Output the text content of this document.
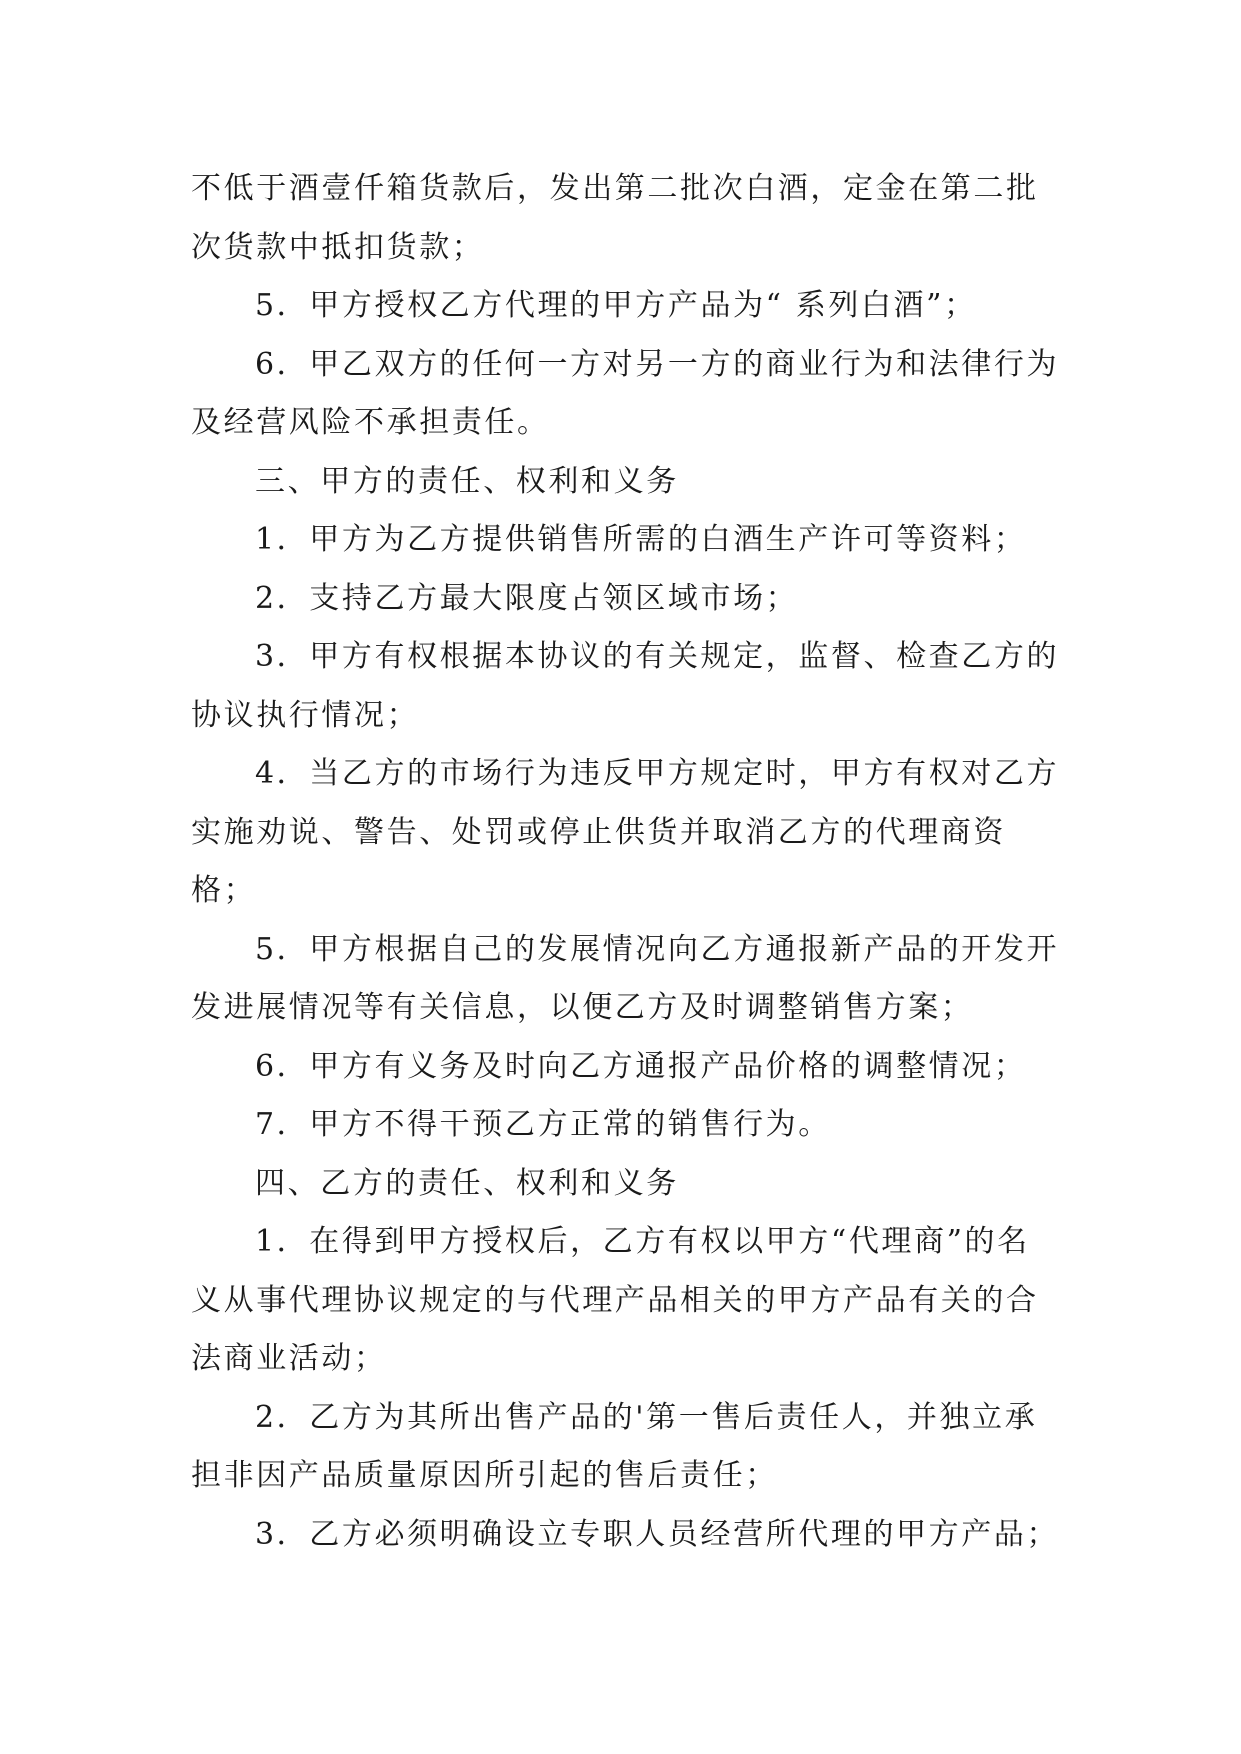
不低于酒壹仟箱货款后，发出第二批次白酒，定金在第二批次货款中抵扣货款；

5．甲方授权乙方代理的甲方产品为“ 系列白酒”；

6．甲乙双方的任何一方对另一方的商业行为和法律行为及经营风险不承担责任。

三、甲方的责任、权利和义务

1．甲方为乙方提供销售所需的白酒生产许可等资料；

2．支持乙方最大限度占领区域市场；

3．甲方有权根据本协议的有关规定，监督、检查乙方的协议执行情况；

4．当乙方的市场行为违反甲方规定时，甲方有权对乙方实施劝说、警告、处罚或停止供货并取消乙方的代理商资格；

5．甲方根据自己的发展情况向乙方通报新产品的开发开发进展情况等有关信息，以便乙方及时调整销售方案；

6．甲方有义务及时向乙方通报产品价格的调整情况；

7．甲方不得干预乙方正常的销售行为。

四、乙方的责任、权利和义务

1．在得到甲方授权后，乙方有权以甲方“代理商”的名义从事代理协议规定的与代理产品相关的甲方产品有关的合法商业活动；

2．乙方为其所出售产品的'第一售后责任人，并独立承担非因产品质量原因所引起的售后责任；

3．乙方必须明确设立专职人员经营所代理的甲方产品；
